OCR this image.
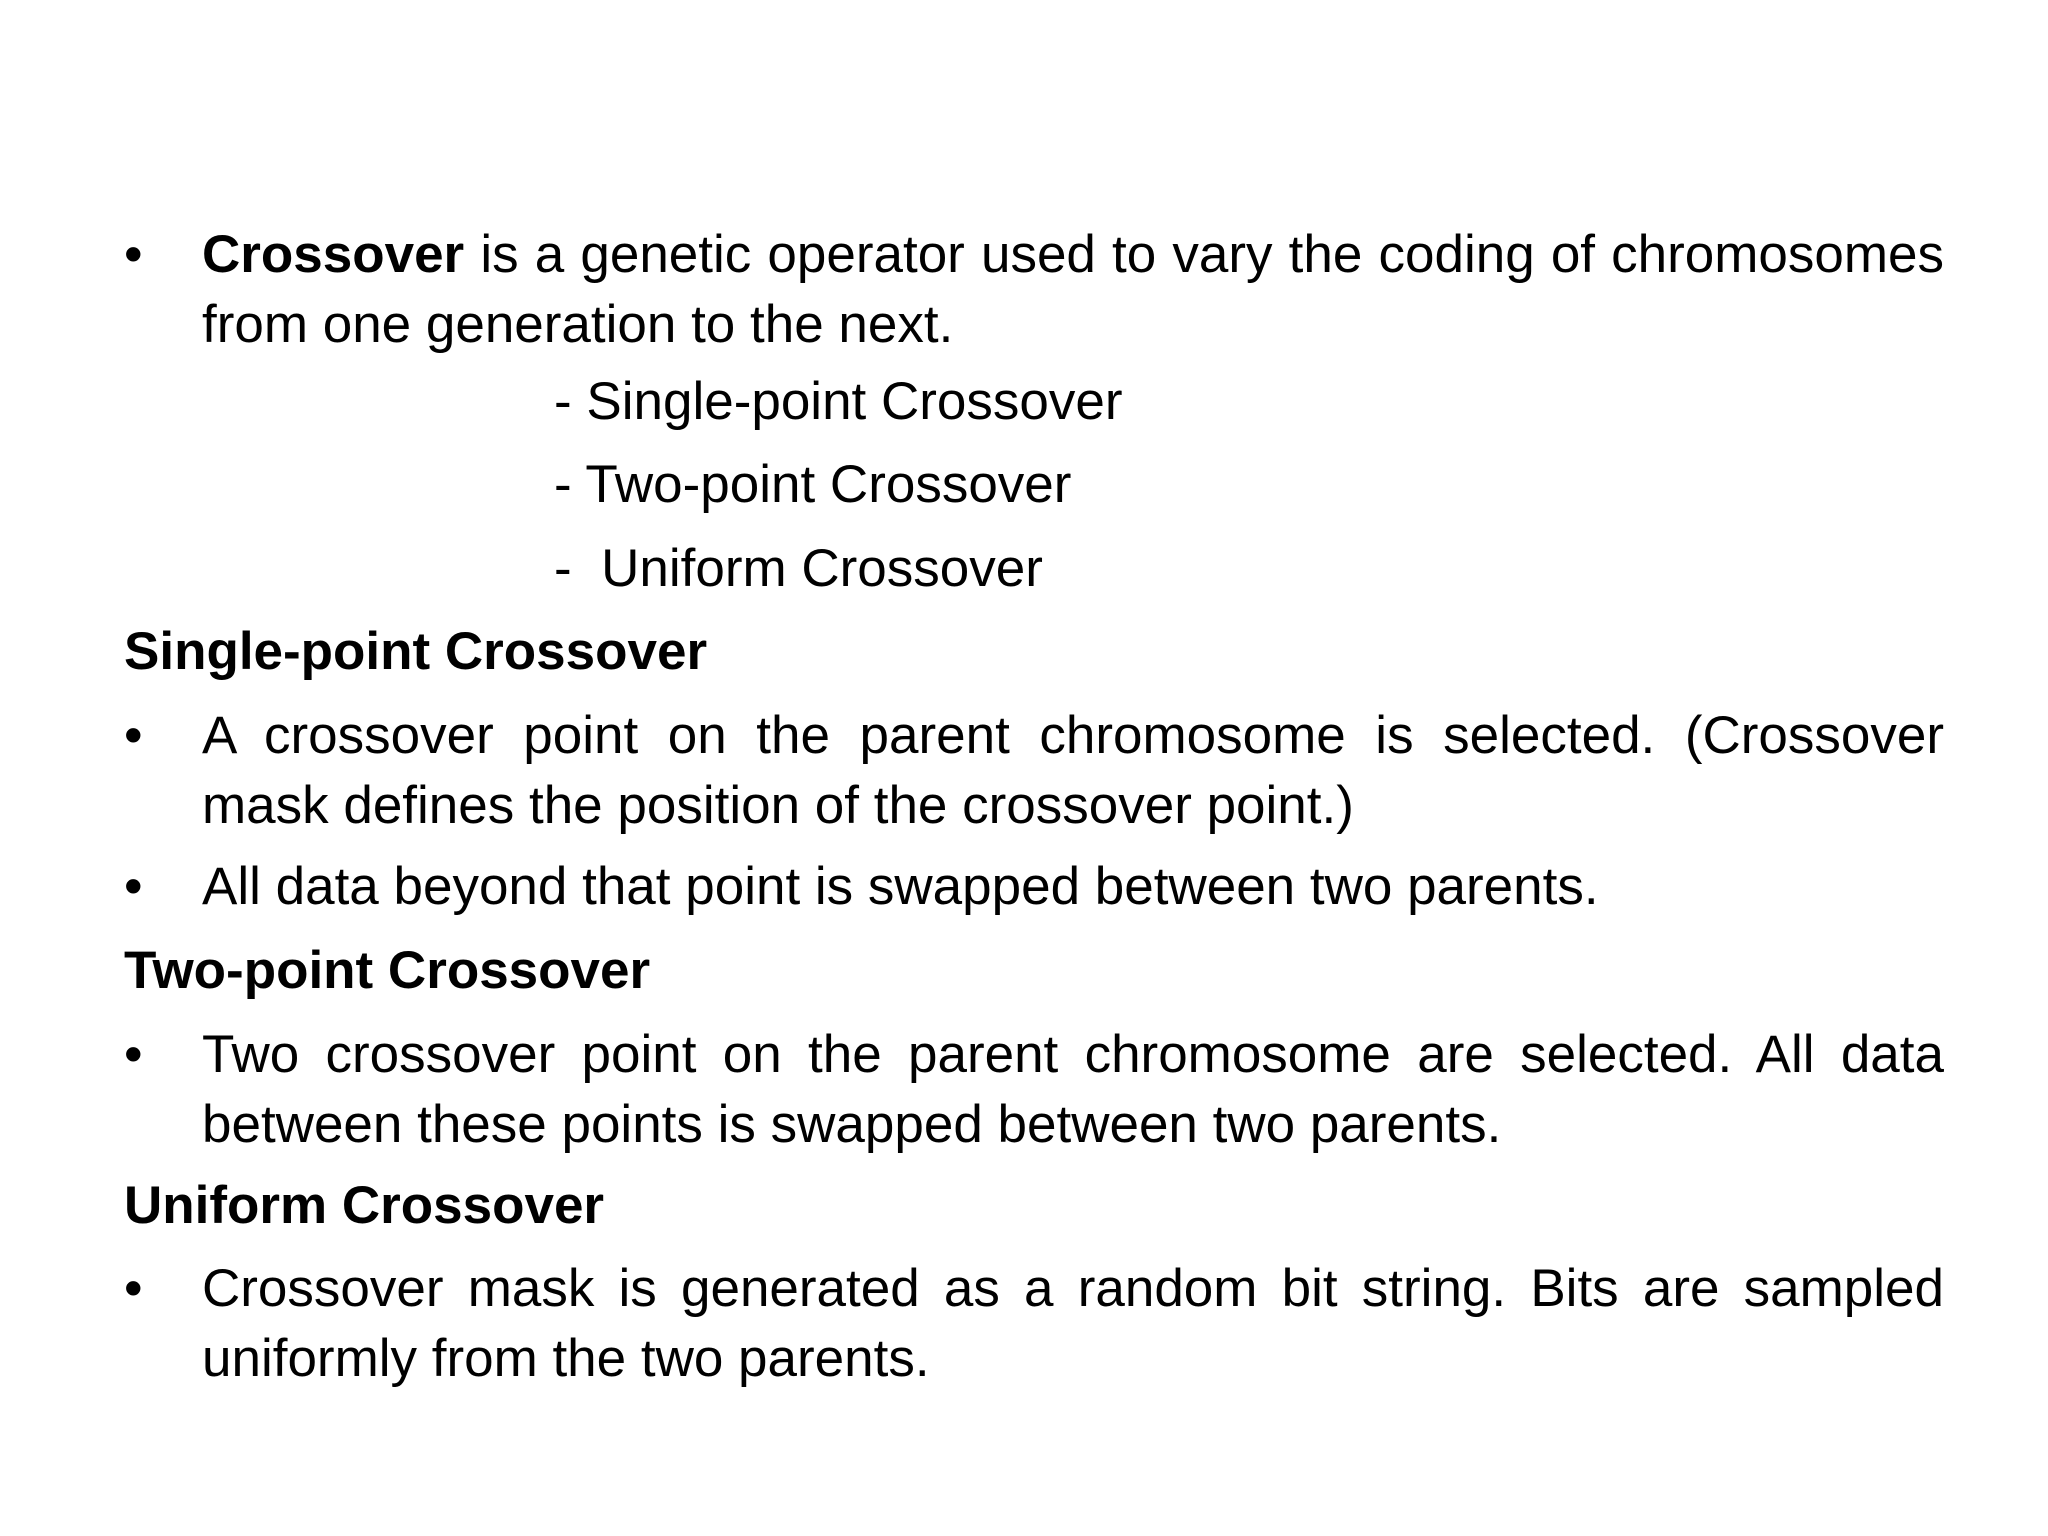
•	Crossover is a genetic operator used to vary the coding of chromosomes from one generation to the next.
- Single-point Crossover
- Two-point Crossover
-  Uniform Crossover
Single-point Crossover
•	A crossover point on the parent chromosome is selected. (Crossover mask defines the position of the crossover point.)
•	All data beyond that point is swapped between two parents.
Two-point Crossover
•	Two crossover point on the parent chromosome are selected. All data between these points is swapped between two parents.
Uniform Crossover
•	Crossover mask is generated as a random bit string. Bits are sampled uniformly from the two parents.
